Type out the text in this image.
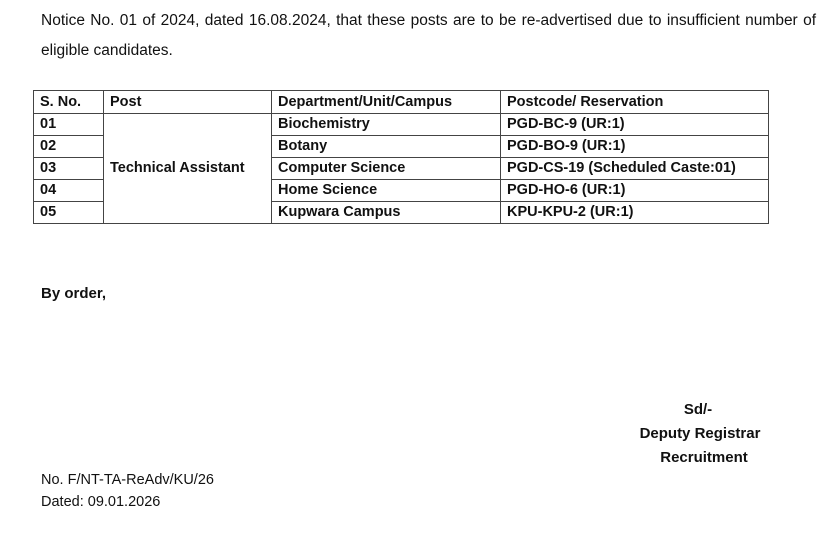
Notice No. 01 of 2024, dated 16.08.2024, that these posts are to be re-advertised due to insufficient number of eligible candidates.
S. No.	Post	Department/Unit/Campus	Postcode/ Reservation
01	Technical Assistant	Biochemistry	PGD-BC-9 (UR:1)
02		Botany	PGD-BO-9 (UR:1)
03		Computer Science	PGD-CS-19 (Scheduled Caste:01)
04		Home Science	PGD-HO-6 (UR:1)
05		Kupwara Campus	KPU-KPU-2 (UR:1)
By order,
Sd/-
Deputy Registrar
Recruitment
No. F/NT-TA-ReAdv/KU/26
Dated: 09.01.2026
